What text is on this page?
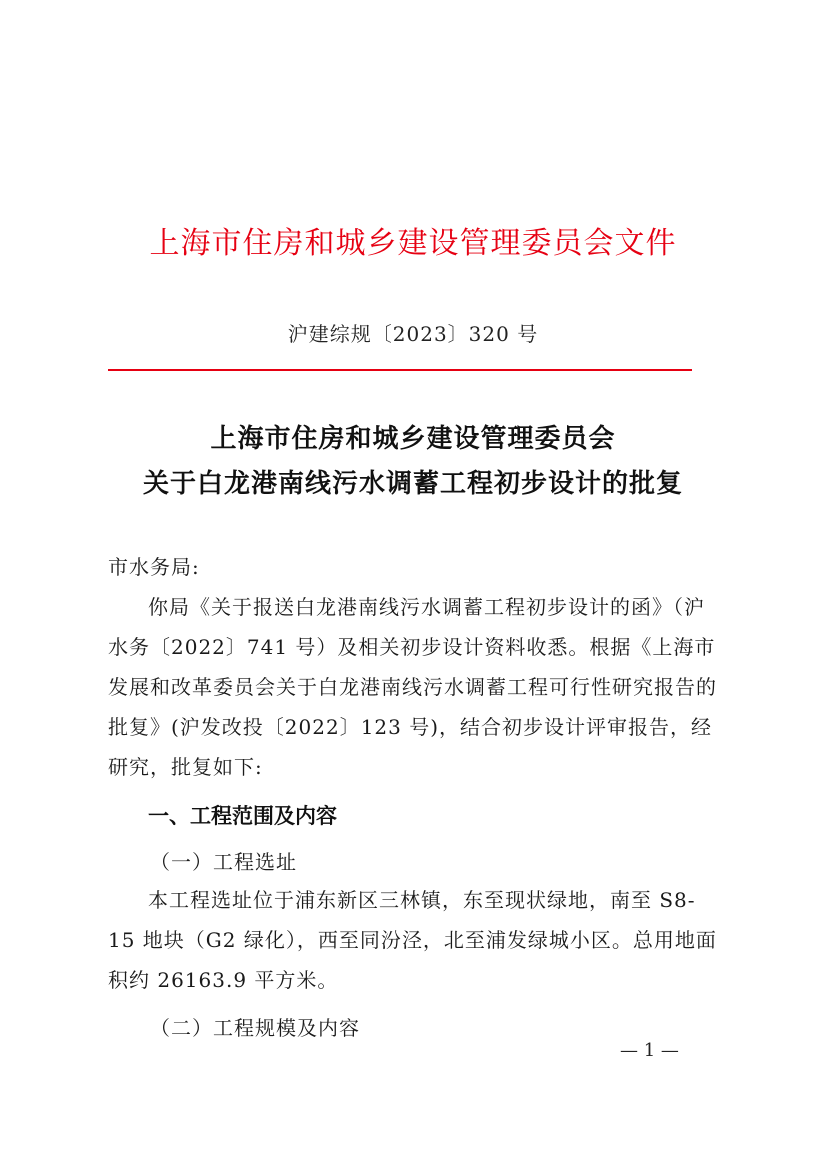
上海市住房和城乡建设管理委员会文件
沪建综规〔2023〕320 号
上海市住房和城乡建设管理委员会
关于白龙港南线污水调蓄工程初步设计的批复
市水务局:
你局《关于报送白龙港南线污水调蓄工程初步设计的函》（沪水务〔2022〕741 号）及相关初步设计资料收悉。根据《上海市发展和改革委员会关于白龙港南线污水调蓄工程可行性研究报告的批复》(沪发改投〔2022〕123 号)，结合初步设计评审报告，经研究，批复如下:
一、工程范围及内容
（一）工程选址
本工程选址位于浦东新区三林镇，东至现状绿地，南至 S8-15 地块（G2 绿化），西至同汾泾，北至浦发绿城小区。总用地面积约 26163.9 平方米。
（二）工程规模及内容
— 1 —
